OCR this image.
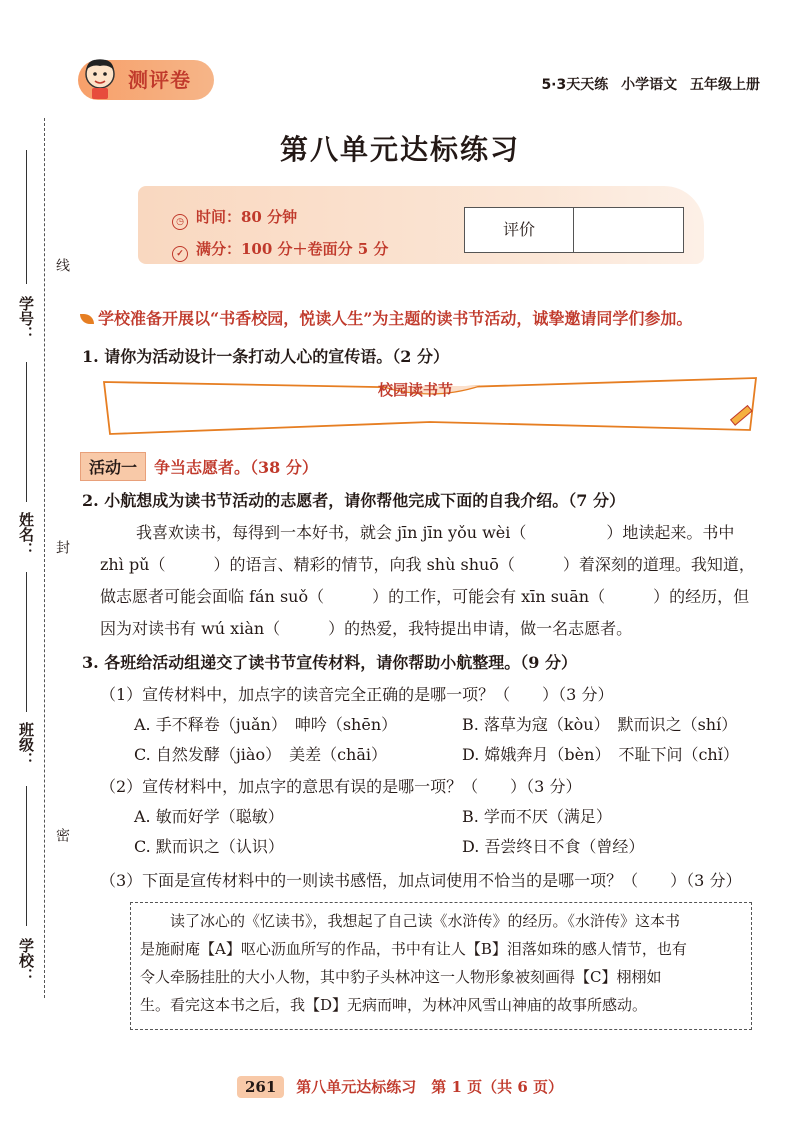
学号：
姓名：
班级：
学校：
线
封
密
测评卷	5·3天天练 小学语文 五年级上册
第八单元达标练习
◷ 时间：80 分钟
✓ 满分：100 分＋卷面分 5 分
评价
学校准备开展以“书香校园，悦读人生”为主题的读书节活动，诚挚邀请同学们参加。
1. 请你为活动设计一条打动人心的宣传语。（2 分）
校园读书节
活动一 争当志愿者。（38 分）
2. 小航想成为读书节活动的志愿者，请你帮他完成下面的自我介绍。（7 分）
我喜欢读书，每得到一本好书，就会 jīn jīn yǒu wèi（　　　　　）地读起来。书中
zhì pǔ（　　　）的语言、精彩的情节，向我 shù shuō（　　　）着深刻的道理。我知道，
做志愿者可能会面临 fán suǒ（　　　）的工作，可能会有 xīn suān（　　　）的经历，但
因为对读书有 wú xiàn（　　　）的热爱，我特提出申请，做一名志愿者。
3. 各班给活动组递交了读书节宣传材料，请你帮助小航整理。（9 分）
（1）宣传材料中，加点字的读音完全正确的是哪一项？（　　）（3 分）
A. 手不释卷（juǎn）　呻吟（shēn）	B. 落草为寇（kòu）　默而识之（shí）
C. 自然发酵（jiào）　美差（chāi）	D. 嫦娥奔月（bèn）　不耻下问（chǐ）
（2）宣传材料中，加点字的意思有误的是哪一项？（　　）（3 分）
A. 敏而好学（聪敏）	B. 学而不厌（满足）
C. 默而识之（认识）	D. 吾尝终日不食（曾经）
（3）下面是宣传材料中的一则读书感悟，加点词使用不恰当的是哪一项？（　　）（3 分）
读了冰心的《忆读书》，我想起了自己读《水浒传》的经历。《水浒传》这本书
是施耐庵【A】呕心沥血所写的作品，书中有让人【B】泪落如珠的感人情节，也有
令人牵肠挂肚的大小人物，其中豹子头林冲这一人物形象被刻画得【C】栩栩如
生。看完这本书之后，我【D】无病而呻，为林冲风雪山神庙的故事所感动。
261 第八单元达标练习　第 1 页（共 6 页）
